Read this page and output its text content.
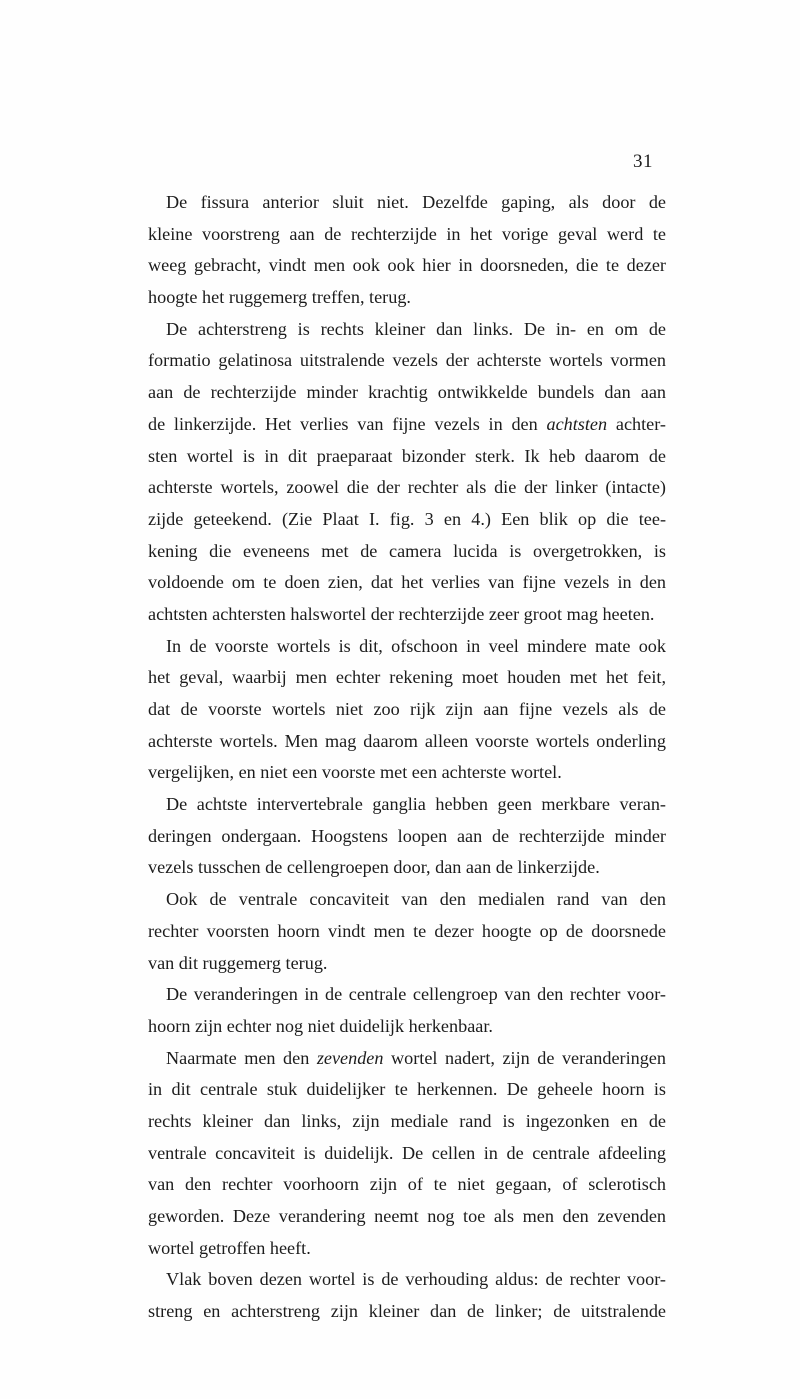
31
De fissura anterior sluit niet. Dezelfde gaping, als door de
kleine voorstreng aan de rechterzijde in het vorige geval werd te
weeg gebracht, vindt men ook ook hier in doorsneden, die te dezer
hoogte het ruggemerg treffen, terug.
De achterstreng is rechts kleiner dan links. De in- en om de
formatio gelatinosa uitstralende vezels der achterste wortels vormen
aan de rechterzijde minder krachtig ontwikkelde bundels dan aan
de linkerzijde. Het verlies van fijne vezels in den achtsten achter-
sten wortel is in dit praeparaat bizonder sterk. Ik heb daarom de
achterste wortels, zoowel die der rechter als die der linker (intacte)
zijde geteekend. (Zie Plaat I. fig. 3 en 4.) Een blik op die tee-
kening die eveneens met de camera lucida is overgetrokken, is
voldoende om te doen zien, dat het verlies van fijne vezels in den
achtsten achtersten halswortel der rechterzijde zeer groot mag heeten.
In de voorste wortels is dit, ofschoon in veel mindere mate ook
het geval, waarbij men echter rekening moet houden met het feit,
dat de voorste wortels niet zoo rijk zijn aan fijne vezels als de
achterste wortels. Men mag daarom alleen voorste wortels onderling
vergelijken, en niet een voorste met een achterste wortel.
De achtste intervertebrale ganglia hebben geen merkbare veran-
deringen ondergaan. Hoogstens loopen aan de rechterzijde minder
vezels tusschen de cellengroepen door, dan aan de linkerzijde.
Ook de ventrale concaviteit van den medialen rand van den
rechter voorsten hoorn vindt men te dezer hoogte op de doorsnede
van dit ruggemerg terug.
De veranderingen in de centrale cellengroep van den rechter voor-
hoorn zijn echter nog niet duidelijk herkenbaar.
Naarmate men den zevenden wortel nadert, zijn de veranderingen
in dit centrale stuk duidelijker te herkennen. De geheele hoorn is
rechts kleiner dan links, zijn mediale rand is ingezonken en de
ventrale concaviteit is duidelijk. De cellen in de centrale afdeeling
van den rechter voorhoorn zijn of te niet gegaan, of sclerotisch
geworden. Deze verandering neemt nog toe als men den zevenden
wortel getroffen heeft.
Vlak boven dezen wortel is de verhouding aldus: de rechter voor-
streng en achterstreng zijn kleiner dan de linker; de uitstralende
